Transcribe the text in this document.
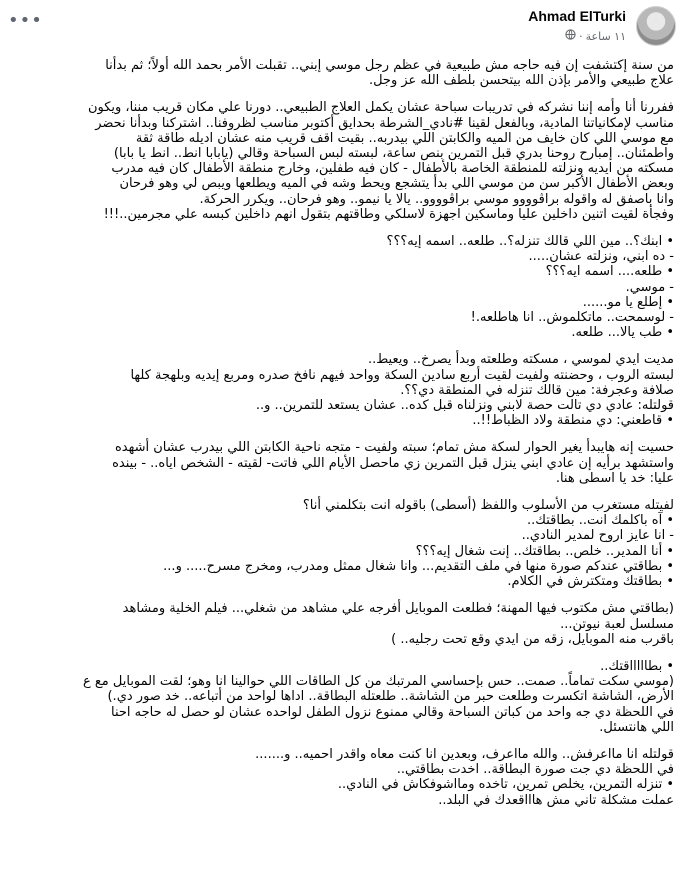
Ahmad ElTurki
١١ ساعة
·
•••

من سنة إكتشفت إن فيه حاجه مش طبيعية في عظم رجل موسي إبني.. تقبلت الأمر بحمد الله أولاً؛ ثم بدأنا

علاج طبيعي والأمر بإذن الله بيتحسن بلطف الله عز وجل.

ففررنا أنا وأمه إننا نشركه في تدريبات سباحة عشان يكمل العلاج الطبيعي.. دورنا علي مكان قريب مننا، ويكون

مناسب لإمكانياتنا المادية، وبالفعل لقينا #نادي_الشرطة بحدايق أكتوبر مناسب لظروفنا.. اشتركنا وبدأنا نحضر

مع موسي اللي كان خايف من الميه والكابتن اللي بيدربه.. بقيت اقف قريب منه عشان اديله طاقة ثقة

واطمئنان.. إمبارح روحنا بدري قبل التمرين بنص ساعة، لبسته لبس السباحة وقالي (يابابا انط.. انط يا بابا)

مسكته من ايديه ونزلته للمنطقة الخاصة بالأطفال - كان فيه طفلين، وخارج منطقة الأطفال كان فيه مدرب

وبعض الأطفال الأكبر سن من موسي اللي بدأ يتشجع ويحط وشه في الميه ويطلعها ويبص لي وهو فرحان

وانا باصفق له واقوله براڤوووو موسي براڤوووو.. يالا يا نيمو.. وهو فرحان.. ويكرر الحركة.

وفجأة لقيت اتنين داخلين عليا وماسكين اجهزة لاسلكي وطاقتهم بتقول انهم داخلين كبسه علي مجرمين..!!!

• ابنك؟.. مين اللي قالك تنزله؟.. طلعه.. اسمه إيه؟؟؟

- ده ابني، ونزلته عشان.....

• طلعه.... اسمه ايه؟؟؟

- موسي.

• إطلع يا مو......

- لوسمحت.. ماتكلموش.. انا هاطلعه.!

• طب يالا... طلعه.

مديت ايدي لموسي ، مسكته وطلعته وبدأ يصرخ.. ويعيط..

لبسته الروب ، وحضنته ولفيت لقيت أربع سادين السكة وواحد فيهم نافخ صدره ومربع إيديه وبلهجة كلها

صلافة وعجرفة: مين قالك تنزله في المنطقة دي؟؟.

قولتله: عادي دي تالت حصة لابني ونزلناه قبل كده.. عشان يستعد للتمرين.. و..

• قاطعني: دي منطقة ولاد الظباط!!..

حسيت إنه هايبدأ يغير الحوار لسكة مش تمام؛ سبته ولفيت - متجه ناحية الكابتن اللي بيدرب عشان أشهده

واستشهد برأيه إن عادي ابني ينزل قبل التمرين زي ماحصل الأيام اللي فاتت- لقيته - الشخص اياه.. - بينده

عليا: خد يا اسطى هنا.

لفيتله مستغرب من الأسلوب واللفظ (أسطى) باقوله انت بتكلمني أنا؟

• آه باكلمك انت.. بطاقتك..

- انا عايز اروح لمدير النادي..

• أنا المدير.. خلص.. بطاقتك.. إنت شغال إيه؟؟؟

• بطاقتي عندكم صورة منها في ملف التقديم... وانا شغال ممثل ومدرب، ومخرج مسرح..... و...

• بطاقتك ومتكترش في الكلام.

(بطاقتي مش مكتوب فيها المهنة؛ فطلعت الموبايل أفرجه علي مشاهد من شغلي... فيلم الخلية ومشاهد

مسلسل لعبة نيوتن...

باقرب منه الموبايل، زقه من ايدي وقع تحت رجليه.. )

• بطاااااقتك..

(موسي سكت تماماً.. صمت.. حس بإحساسي المرتبك من كل الطاقات اللي حوالينا انا وهو؛ لقت الموبايل مع ع

الأرض، الشاشة اتكسرت وطلعت حبر من الشاشة.. طلعتله البطاقة.. اداها لواحد من أتباعه.. خد صور دي.)

في اللحظة دي جه واحد من كباتن السباحة وقالي ممنوع نزول الطفل لواحده عشان لو حصل له حاجه احنا

اللي هانتسئل.

قولتله انا مااعرفش.. والله مااعرف، وبعدين انا كنت معاه واقدر احميه.. و.......

في اللحظة دي جت صورة البطاقة.. اخدت بطاقتي..

• تنزله التمرين، يخلص تمرين، تاخده ومااشوفكاش في النادي..

عملت مشكلة تاني مش هاااقعدك في البلد..
